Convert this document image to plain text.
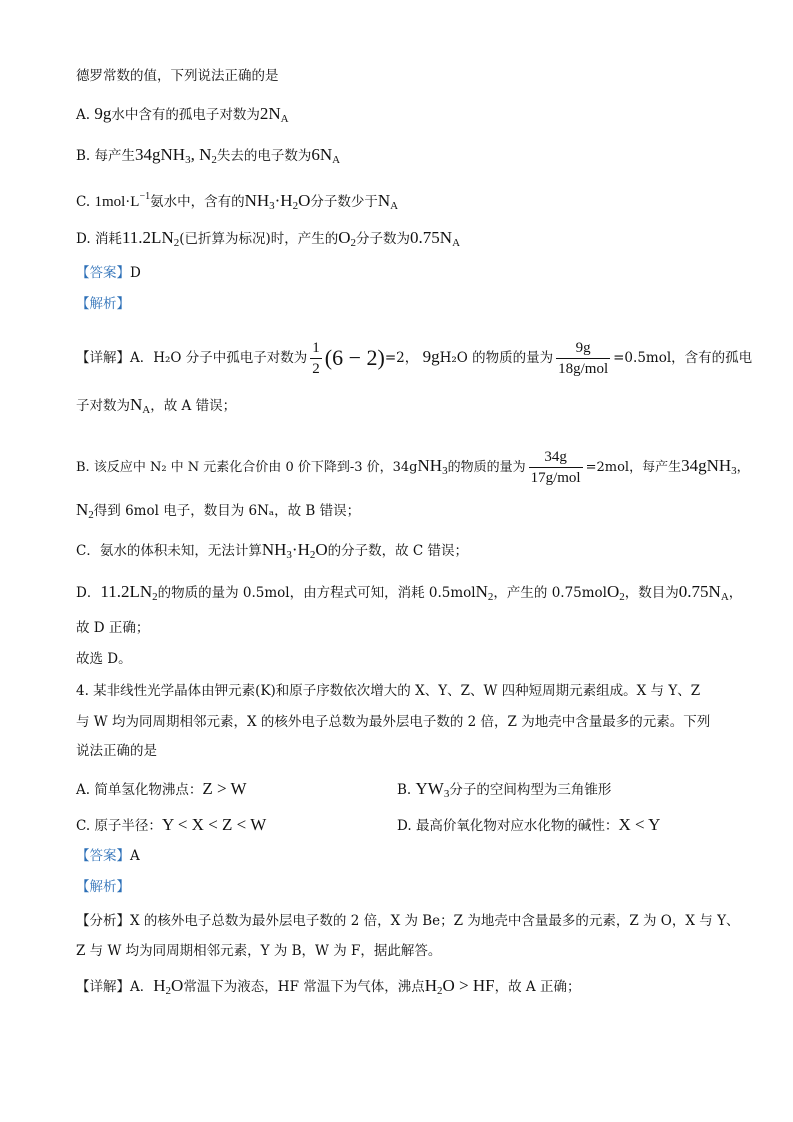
德罗常数的值，下列说法正确的是
A. 9g水中含有的孤电子对数为$2N_A$
B. 每产生34gNH$_3$, $N_2$失去的电子数为$6N_A$
C. $1mol\cdot L^{-1}$氨水中，含有的$NH_3\cdot H_2O$分子数少于$N_A$
D. 消耗$11.2LN_2$(已折算为标况)时，产生的$O_2$分子数为$0.75N_A$
【答案】D
【解析】
【详解】A．H₂O 分子中孤电子对数为 $\frac{1}{2} (6 - 2)=2$， 9gH₂O 的物质的量为 $\frac{9g}{\text{18g/mol}} =0.5mol$，含有的孤电
子对数为$N_A$，故 A 错误；
B. 该反应中 N₂ 中 N 元素化合价由 0 价下降到-3 价，34gNH$_3$的物质的量为 $\frac{34g}{\text{17g/mol}} =2mol$，每产生34gNH$_3$，
$N_2$得到 6mol 电子，数目为 6Nₐ，故 B 错误；
C．氨水的体积未知，无法计算$NH_3\cdot H_2O$的分子数，故 C 错误；
D．$11.2LN_2$的物质的量为 0.5mol，由方程式可知，消耗 0.5molN$_2$，产生的 0.75molO$_2$，数目为$0.75N_A$，
故 D 正确；
故选 D。
4. 某非线性光学晶体由钾元素(K)和原子序数依次增大的 X、Y、Z、W 四种短周期元素组成。X 与 Y、Z
与 W 均为同周期相邻元素，X 的核外电子总数为最外层电子数的 2 倍，Z 为地壳中含量最多的元素。下列
说法正确的是
A. 简单氢化物沸点：Z > W	B. $YW_3$分子的空间构型为三角锥形
C. 原子半径：Y < X < Z < W	D. 最高价氧化物对应水化物的碱性：X < Y
【答案】A
【解析】
【分析】X 的核外电子总数为最外层电子数的 2 倍，X 为 Be；Z 为地壳中含量最多的元素，Z 为 O，X 与 Y、
Z 与 W 均为同周期相邻元素，Y 为 B，W 为 F，据此解答。
【详解】A．$H_2O$常温下为液态，HF 常温下为气体，沸点$H_2O$ > HF，故 A 正确；
